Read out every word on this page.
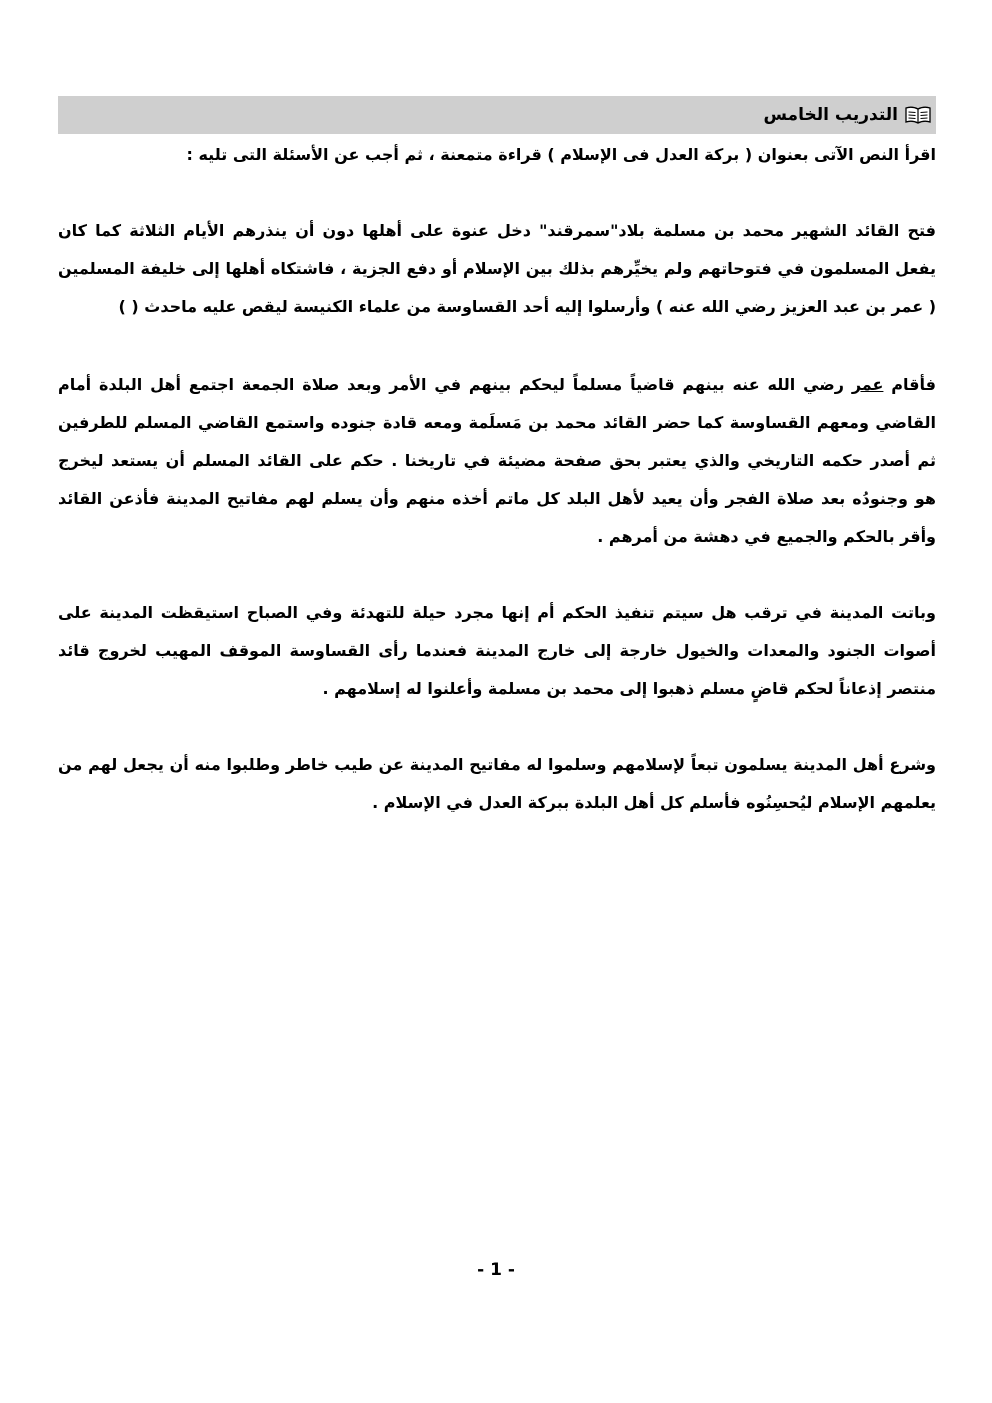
التدريب الخامس
اقرأ النص الآتى بعنوان ( بركة العدل فى الإسلام ) قراءة متمعنة ، ثم أجب عن الأسئلة التى تليه :

فتح القائد الشهير محمد بن مسلمة بلاد"سمرقند" دخل عنوة على أهلها دون أن ينذرهم الأيام الثلاثة كما كان
يفعل المسلمون في فتوحاتهم ولم يخيِّرهم بذلك بين الإسلام أو دفع الجزية ، فاشتكاه أهلها إلى خليفة المسلمين
( عمر بن عبد العزيز رضي الله عنه ) وأرسلوا إليه أحد القساوسة من علماء الكنيسة ليقص عليه ماحدث ( )

فأقام عمر رضي الله عنه بينهم قاضياً مسلماً ليحكم بينهم في الأمر وبعد صلاة الجمعة اجتمع أهل البلدة أمام
القاضي ومعهم القساوسة كما حضر القائد محمد بن مَسلَمة ومعه قادة جنوده واستمع القاضي المسلم للطرفين
ثم أصدر حكمه التاريخي والذي يعتبر بحق صفحة مضيئة في تاريخنا . حكم على القائد المسلم أن يستعد ليخرج
هو وجنودُه بعد صلاة الفجر وأن يعيد لأهل البلد كل ماتم أخذه منهم وأن يسلم لهم مفاتيح المدينة فأذعن القائد
وأقر بالحكم والجميع في دهشة من أمرهم .

وباتت المدينة في ترقب هل سيتم تنفيذ الحكم أم إنها مجرد حيلة للتهدئة وفي الصباح استيقظت المدينة على
أصوات الجنود والمعدات والخيول خارجة إلى خارج المدينة فعندما رأى القساوسة الموقف المهيب لخروج قائد
منتصر إذعاناً لحكم قاضٍ مسلم ذهبوا إلى محمد بن مسلمة وأعلنوا له إسلامهم .

وشرع أهل المدينة يسلمون تبعاً لإسلامهم وسلموا له مفاتيح المدينة عن طيب خاطر وطلبوا منه أن يجعل لهم من
يعلمهم الإسلام ليُحسِنُوه فأسلم كل أهل البلدة ببركة العدل في الإسلام .

- 1 -
